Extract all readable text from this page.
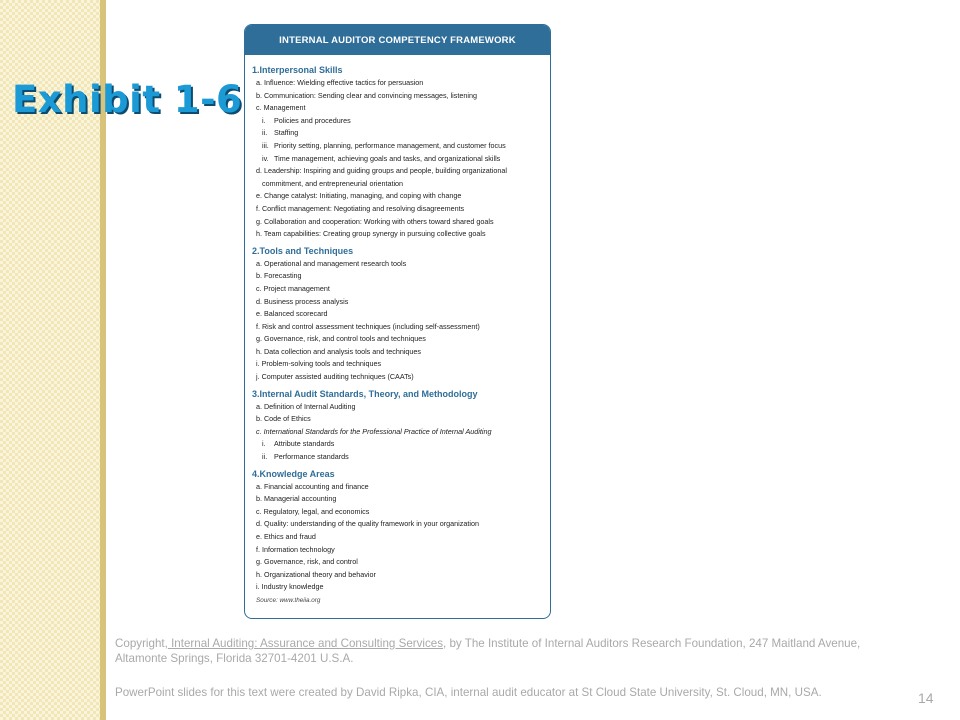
Exhibit 1-6
INTERNAL AUDITOR COMPETENCY FRAMEWORK
1.Interpersonal Skills
a. Influence: Wielding effective tactics for persuasion
b. Communication: Sending clear and convincing messages, listening
c. Management
i.	Policies and procedures
ii. Staffing
iii. Priority setting, planning, performance management, and customer focus
iv. Time management, achieving goals and tasks, and organizational skills
d. Leadership: Inspiring and guiding groups and people, building organizational
commitment, and entrepreneurial orientation
e. Change catalyst: Initiating, managing, and coping with change
f. Conflict management: Negotiating and resolving disagreements
g. Collaboration and cooperation: Working with others toward shared goals
h. Team capabilities: Creating group synergy in pursuing collective goals
2.Tools and Techniques
a. Operational and management research tools
b. Forecasting
c. Project management
d. Business process analysis
e. Balanced scorecard
f. Risk and control assessment techniques (including self-assessment)
g. Governance, risk, and control tools and techniques
h. Data collection and analysis tools and techniques
i. Problem-solving tools and techniques
j. Computer assisted auditing techniques (CAATs)
3.Internal Audit Standards, Theory, and Methodology
a. Definition of Internal Auditing
b. Code of Ethics
c. International Standards for the Professional Practice of Internal Auditing
i.	Attribute standards
ii. Performance standards
4.Knowledge Areas
a. Financial accounting and finance
b. Managerial accounting
c. Regulatory, legal, and economics
d. Quality: understanding of the quality framework in your organization
e. Ethics and fraud
f. Information technology
g. Governance, risk, and control
h. Organizational theory and behavior
i. Industry knowledge
Source: www.theiia.org
Copyright, Internal Auditing: Assurance and Consulting Services, by The Institute of Internal Auditors Research Foundation, 247 Maitland Avenue, Altamonte Springs, Florida 32701-4201 U.S.A.
PowerPoint slides for this text were created by David Ripka, CIA, internal audit educator at St Cloud State University, St. Cloud, MN, USA.	14
